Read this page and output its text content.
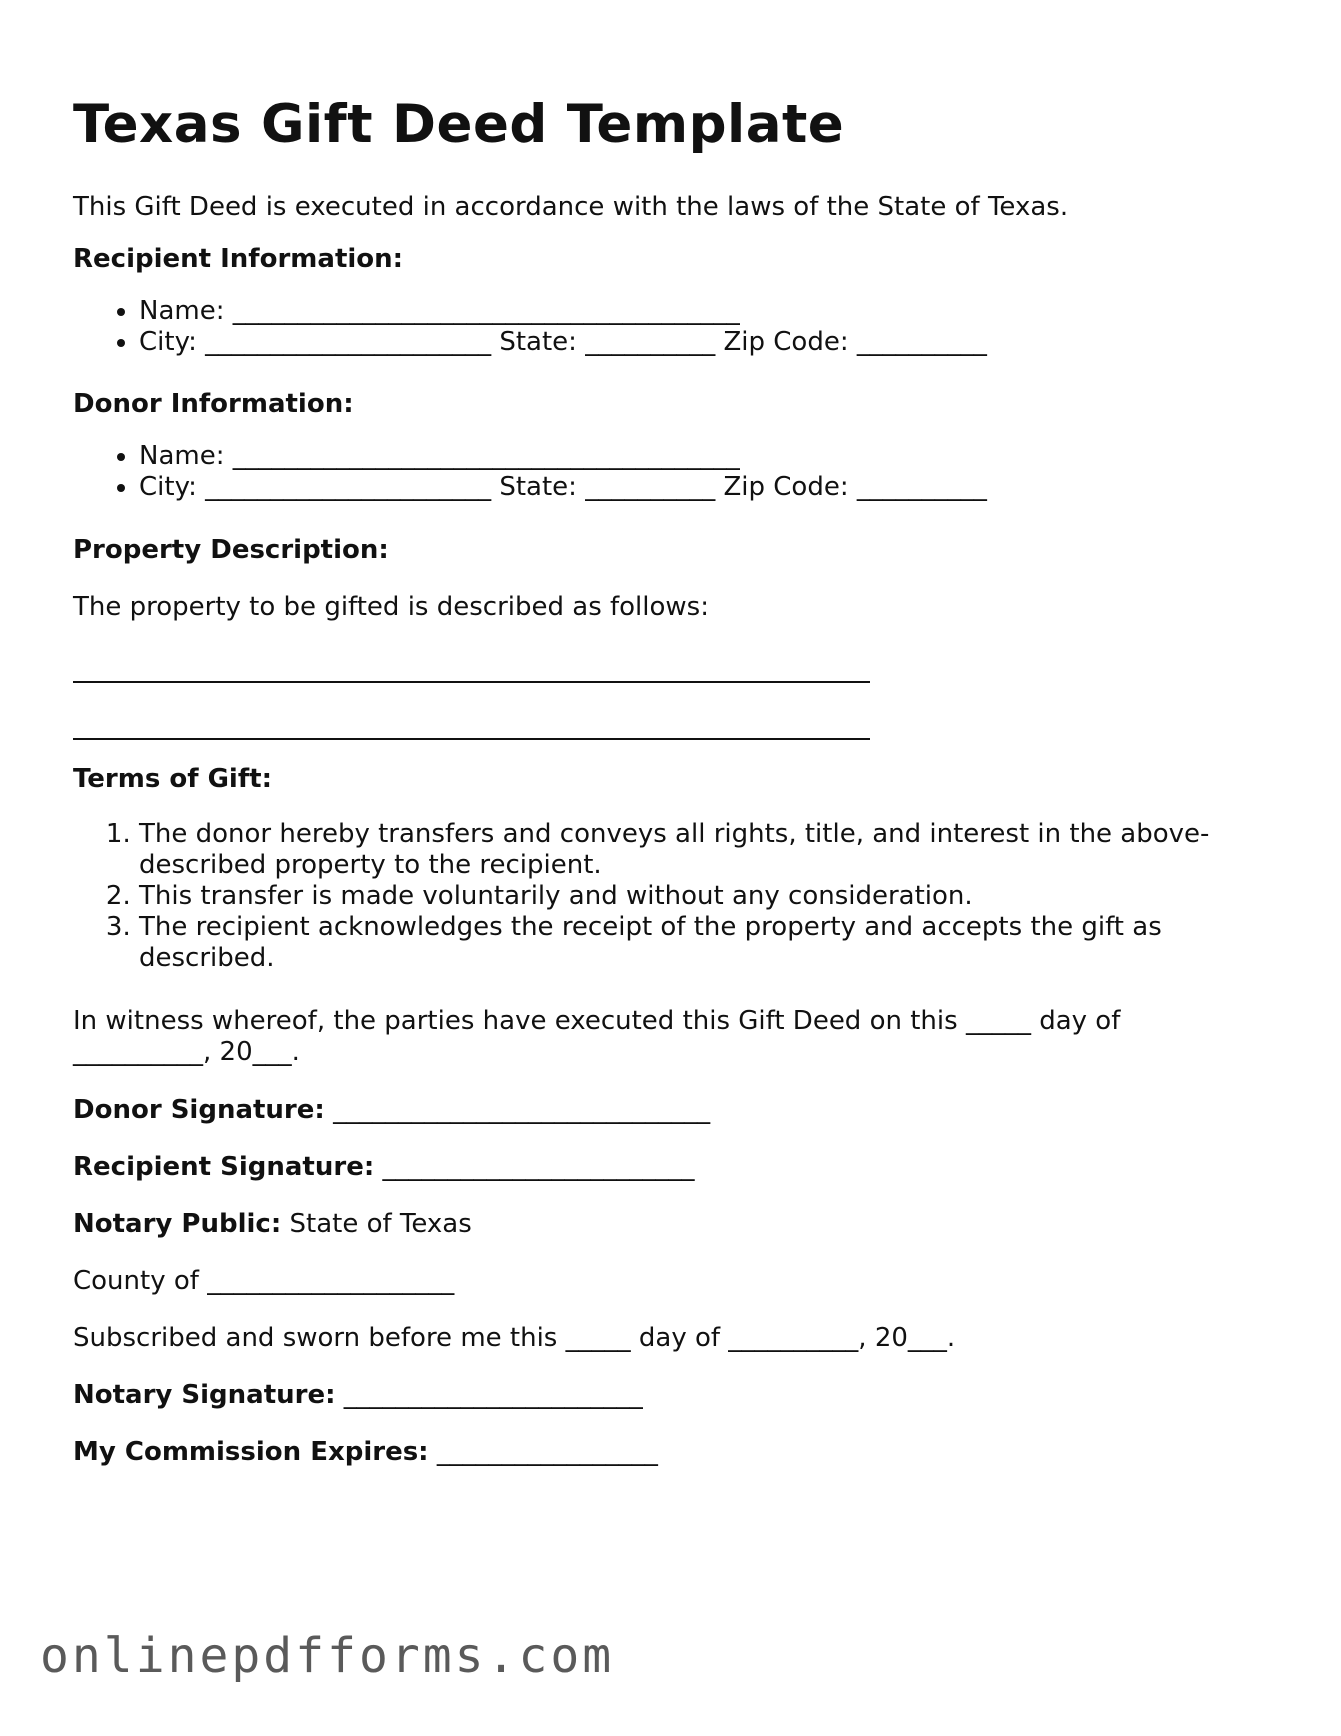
Texas Gift Deed Template
This Gift Deed is executed in accordance with the laws of the State of Texas.
Recipient Information:
• Name: _______________________________________
• City: ______________________ State: __________ Zip Code: __________
Donor Information:
• Name: _______________________________________
• City: ______________________ State: __________ Zip Code: __________
Property Description:
The property to be gifted is described as follows:
Terms of Gift:
1. The donor hereby transfers and conveys all rights, title, and interest in the above-described property to the recipient.
2. This transfer is made voluntarily and without any consideration.
3. The recipient acknowledges the receipt of the property and accepts the gift as described.
In witness whereof, the parties have executed this Gift Deed on this _____ day of
__________, 20___.
Donor Signature: _____________________________
Recipient Signature: ________________________
Notary Public: State of Texas
County of ___________________
Subscribed and sworn before me this _____ day of __________, 20___.
Notary Signature: _______________________
My Commission Expires: _________________
onlinepdfforms.com
